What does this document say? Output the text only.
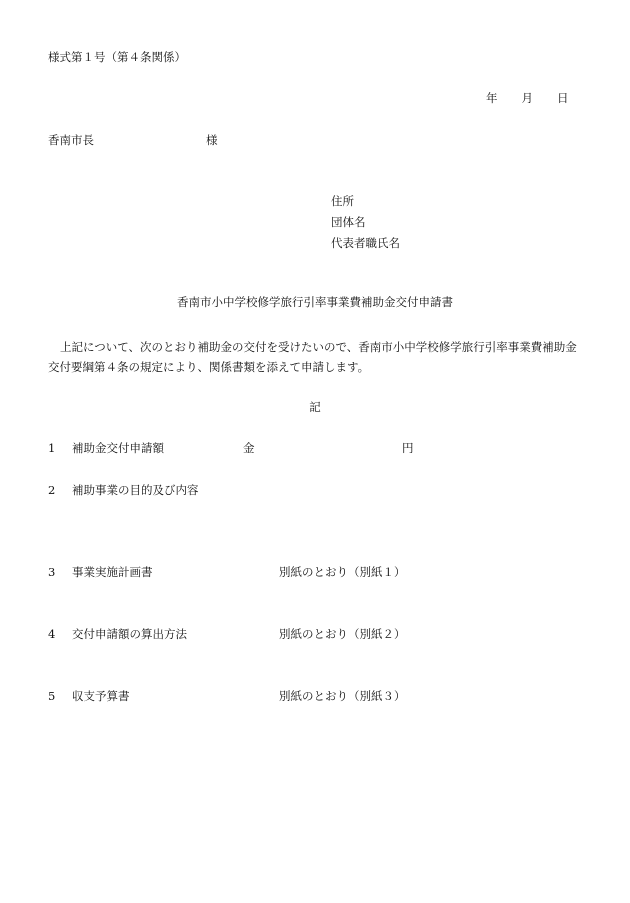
様式第１号（第４条関係）
年 月 日
香南市長	様
住所
団体名
代表者職氏名
香南市小中学校修学旅行引率事業費補助金交付申請書
上記について、次のとおり補助金の交付を受けたいので、香南市小中学校修学旅行引率事業費補助金交付要綱第４条の規定により、関係書類を添えて申請します。
記
1 補助金交付申請額	金	円
2 補助事業の目的及び内容
3 事業実施計画書	別紙のとおり（別紙１）
4 交付申請額の算出方法	別紙のとおり（別紙２）
5 収支予算書	別紙のとおり（別紙３）
